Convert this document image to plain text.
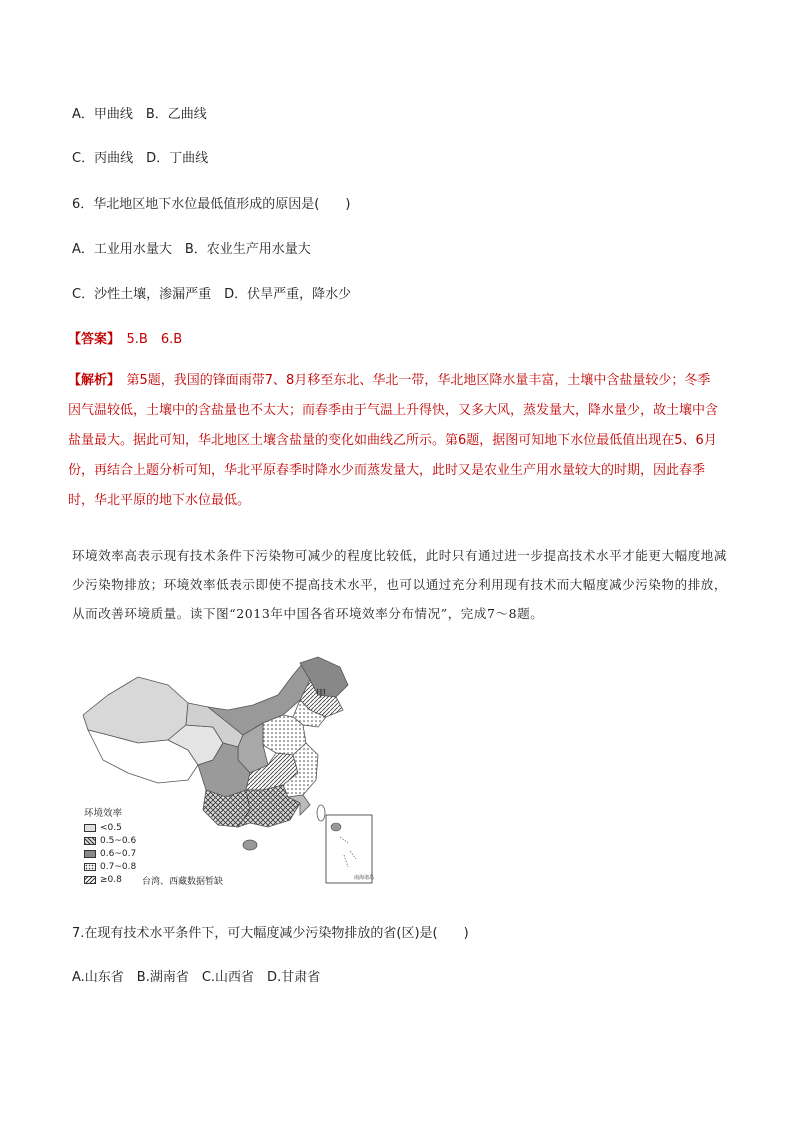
A．甲曲线　B．乙曲线
C．丙曲线　D．丁曲线
6．华北地区地下水位最低值形成的原因是(　　)
A．工业用水量大　B．农业生产用水量大
C．沙性土壤，渗漏严重　D．伏旱严重，降水少
【答案】　5.B　6.B
【解析】　第5题，我国的锋面雨带7、8月移至东北、华北一带，华北地区降水量丰富，土壤中含盐量较少；冬季因气温较低，土壤中的含盐量也不太大；而春季由于气温上升得快，又多大风，蒸发量大，降水量少，故土壤中含盐量最大。据此可知，华北地区土壤含盐量的变化如曲线乙所示。第6题，据图可知地下水位最低值出现在5、6月份，再结合上题分析可知，华北平原春季时降水少而蒸发量大，此时又是农业生产用水量较大的时期，因此春季时，华北平原的地下水位最低。
环境效率高表示现有技术条件下污染物可减少的程度比较低，此时只有通过进一步提高技术水平才能更大幅度地减少污染物排放；环境效率低表示即使不提高技术水平，也可以通过充分利用现有技术而大幅度减少污染物的排放，从而改善环境质量。读下图“2013年中国各省环境效率分布情况”，完成7～8题。
甲
南海诸岛
环境效率
<0.5
0.5~0.6
0.6~0.7
0.7~0.8
≥0.8 台湾、西藏数据暂缺
7.在现有技术水平条件下，可大幅度减少污染物排放的省(区)是(　　)
A.山东省　B.湖南省　C.山西省　D.甘肃省
